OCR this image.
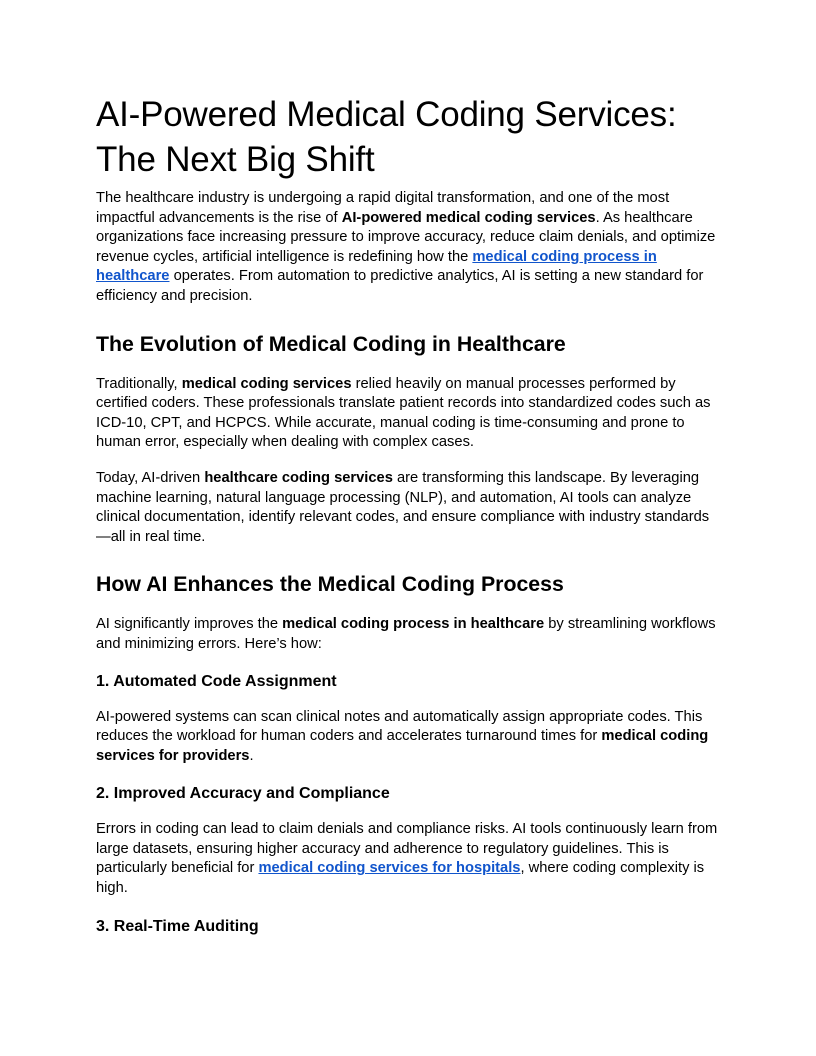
AI-Powered Medical Coding Services: The Next Big Shift

The healthcare industry is undergoing a rapid digital transformation, and one of the most impactful advancements is the rise of AI-powered medical coding services. As healthcare organizations face increasing pressure to improve accuracy, reduce claim denials, and optimize revenue cycles, artificial intelligence is redefining how the medical coding process in healthcare operates. From automation to predictive analytics, AI is setting a new standard for efficiency and precision.

The Evolution of Medical Coding in Healthcare

Traditionally, medical coding services relied heavily on manual processes performed by certified coders. These professionals translate patient records into standardized codes such as ICD-10, CPT, and HCPCS. While accurate, manual coding is time-consuming and prone to human error, especially when dealing with complex cases.

Today, AI-driven healthcare coding services are transforming this landscape. By leveraging machine learning, natural language processing (NLP), and automation, AI tools can analyze clinical documentation, identify relevant codes, and ensure compliance with industry standards—all in real time.

How AI Enhances the Medical Coding Process

AI significantly improves the medical coding process in healthcare by streamlining workflows and minimizing errors. Here’s how:

1. Automated Code Assignment

AI-powered systems can scan clinical notes and automatically assign appropriate codes. This reduces the workload for human coders and accelerates turnaround times for medical coding services for providers.

2. Improved Accuracy and Compliance

Errors in coding can lead to claim denials and compliance risks. AI tools continuously learn from large datasets, ensuring higher accuracy and adherence to regulatory guidelines. This is particularly beneficial for medical coding services for hospitals, where coding complexity is high.

3. Real-Time Auditing
